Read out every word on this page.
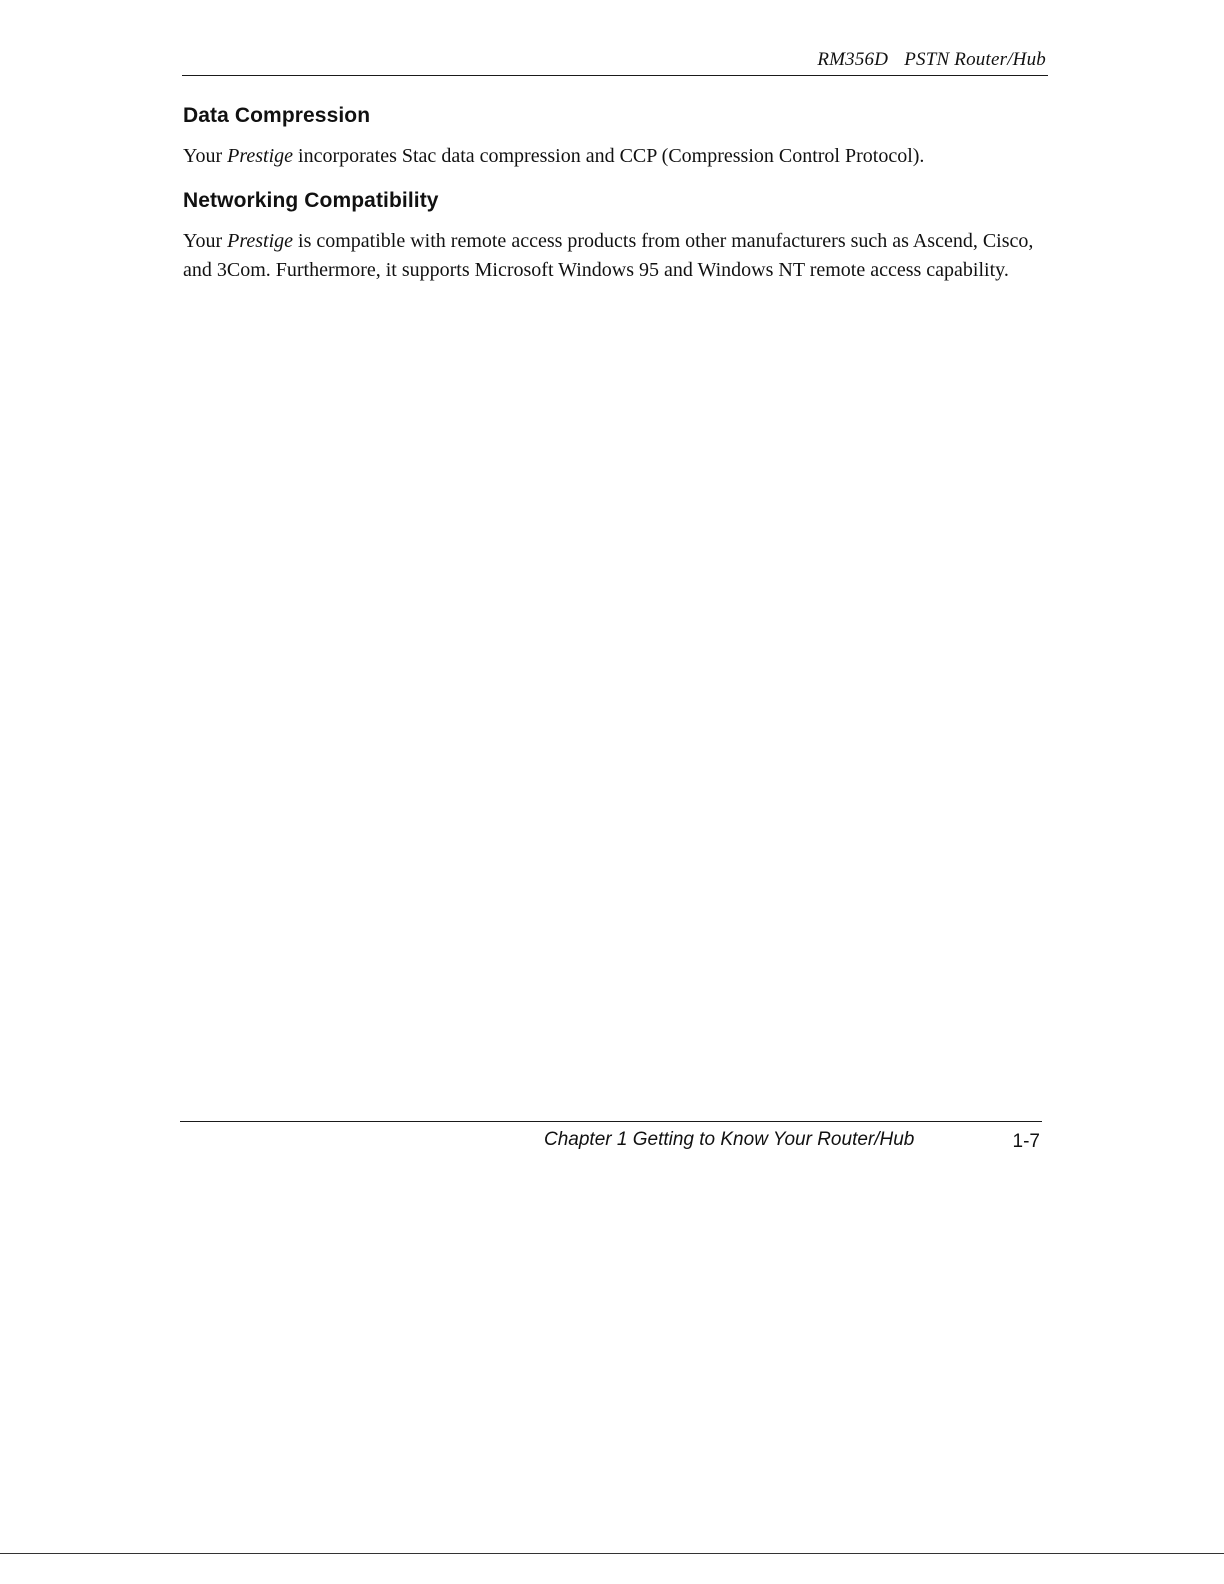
RM356D PSTN Router/Hub
Data Compression

Your Prestige incorporates Stac data compression and CCP (Compression Control Protocol).

Networking Compatibility

Your Prestige is compatible with remote access products from other manufacturers such as Ascend, Cisco, and 3Com. Furthermore, it supports Microsoft Windows 95 and Windows NT remote access capability.

Chapter 1 Getting to Know Your Router/Hub	1-7
